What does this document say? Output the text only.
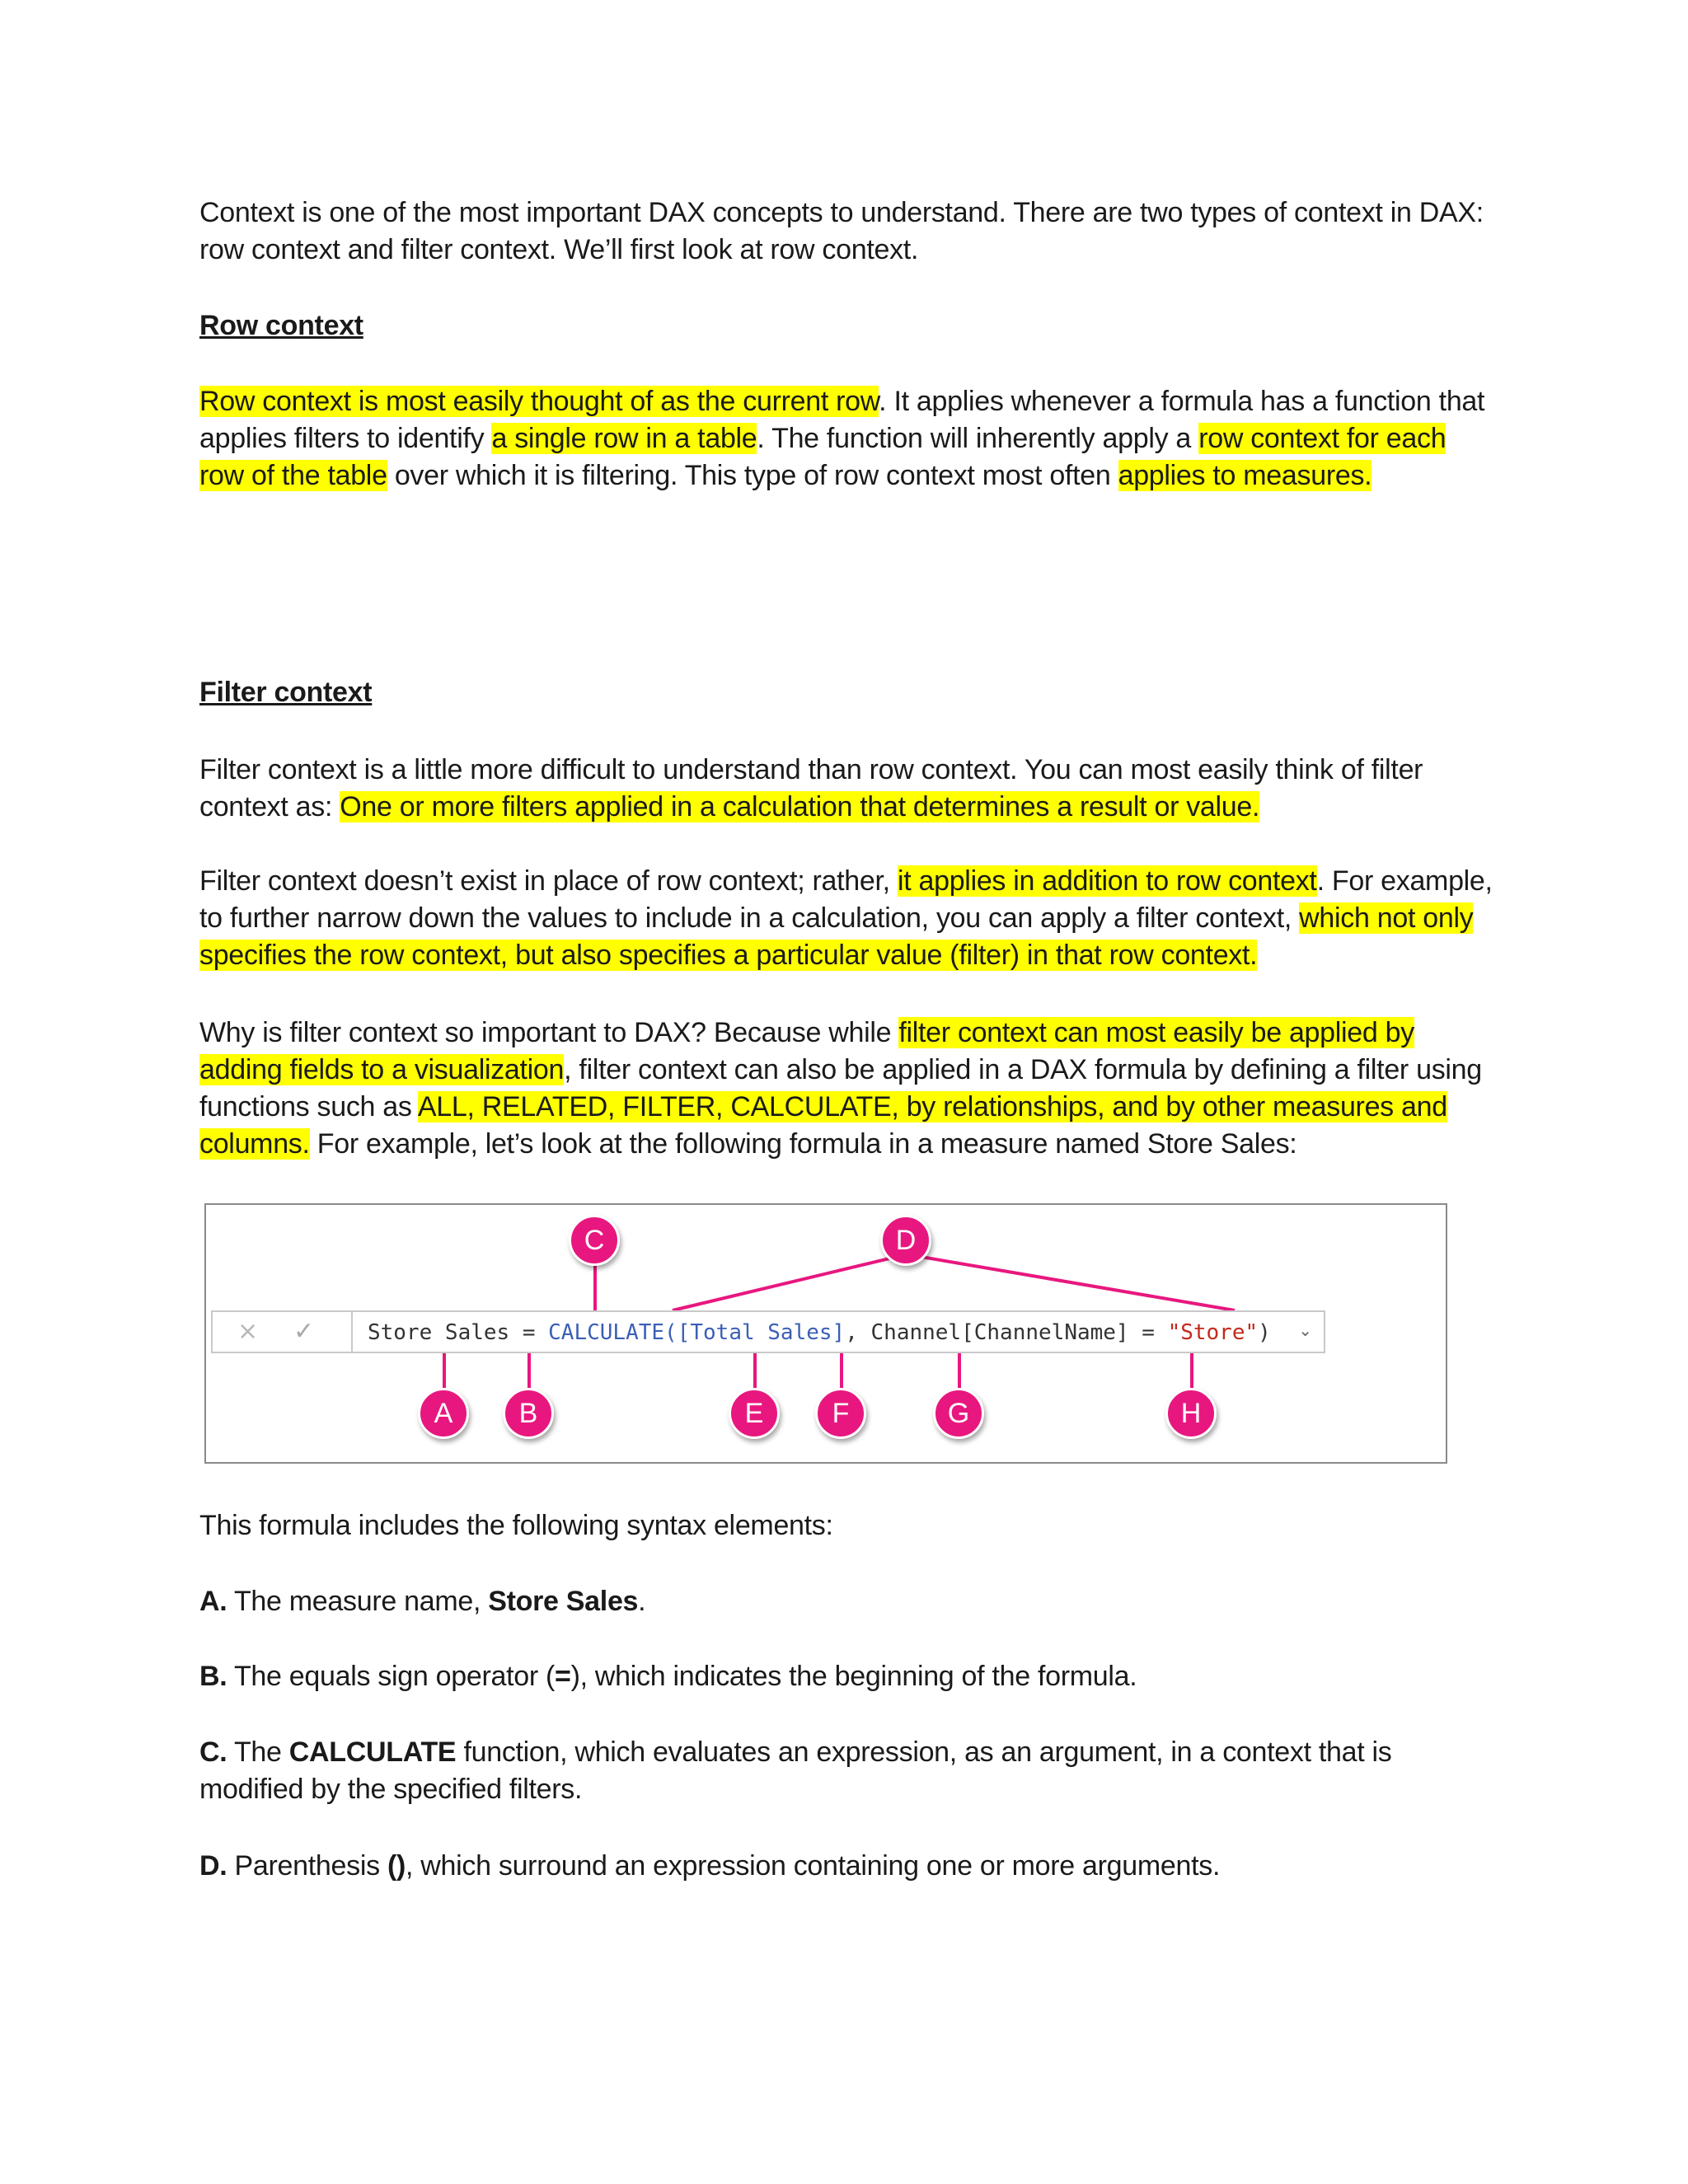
Context is one of the most important DAX concepts to understand. There are two types of context in DAX: row context and filter context. We’ll first look at row context.

Row context

Row context is most easily thought of as the current row. It applies whenever a formula has a function that applies filters to identify a single row in a table. The function will inherently apply a row context for each row of the table over which it is filtering. This type of row context most often applies to measures.

Filter context

Filter context is a little more difficult to understand than row context. You can most easily think of filter context as: One or more filters applied in a calculation that determines a result or value.

Filter context doesn’t exist in place of row context; rather, it applies in addition to row context. For example, to further narrow down the values to include in a calculation, you can apply a filter context, which not only specifies the row context, but also specifies a particular value (filter) in that row context.

Why is filter context so important to DAX? Because while filter context can most easily be applied by adding fields to a visualization, filter context can also be applied in a DAX formula by defining a filter using functions such as ALL, RELATED, FILTER, CALCULATE, by relationships, and by other measures and columns. For example, let’s look at the following formula in a measure named Store Sales:

× ✓ Store Sales = CALCULATE([Total Sales], Channel[ChannelName] = "Store") ⌄
C	D
A	B	E	F	G	H

This formula includes the following syntax elements:

A. The measure name, Store Sales.

B. The equals sign operator (=), which indicates the beginning of the formula.

C. The CALCULATE function, which evaluates an expression, as an argument, in a context that is modified by the specified filters.

D. Parenthesis (), which surround an expression containing one or more arguments.
